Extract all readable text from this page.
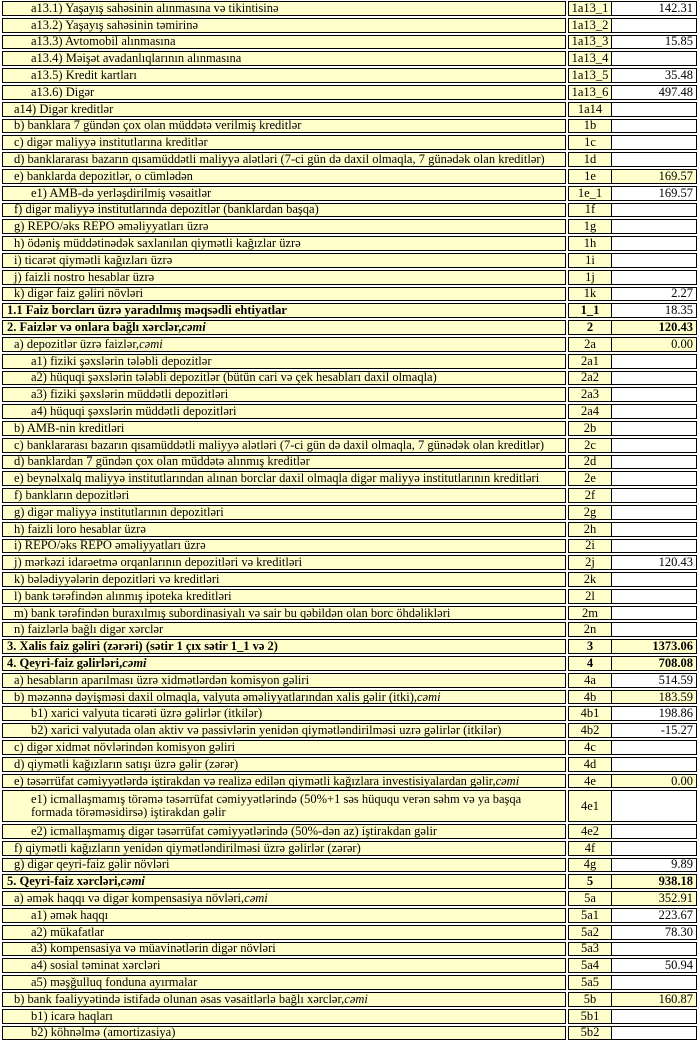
a13.1) Yaşayış sahəsinin alınmasına və tikintisinə	1a13_1	142.31
a13.2) Yaşayış sahəsinin təmirinə	1a13_2
a13.3) Avtomobil alınmasına	1a13_3	15.85
a13.4) Məişət avadanlıqlarının alınmasına	1a13_4
a13.5) Kredit kartları	1a13_5	35.48
a13.6) Digər	1a13_6	497.48
a14) Digər kreditlər	1a14
b) banklara 7 gündən çox olan müddətə verilmiş kreditlər	1b
c) digər maliyyə institutlarına kreditlər	1c
d) banklararası bazarın qısamüddətli maliyyə alətləri (7-ci gün də daxil olmaqla, 7 günədək olan kreditlər)	1d
e) banklarda depozitlər, o cümlədən	1e	169.57
e1) AMB-də yerləşdirilmiş vəsaitlər	1e_1	169.57
f) digər maliyyə institutlarında depozitlər (banklardan başqa)	1f
g) REPO/əks REPO əməliyyatları üzrə	1g
h) ödəniş müddətinədək saxlanılan qiymətli kağızlar üzrə	1h
i) ticarət qiymətli kağızları üzrə	1i
j) faizli nostro hesablar üzrə	1j
k) digər faiz gəliri növləri	1k	2.27
1.1 Faiz borcları üzrə yaradılmış məqsədli ehtiyatlar	1_1	18.35
2. Faizlər və onlara bağlı xərclər, cəmi	2	120.43
a) depozitlər üzrə faizlər, cəmi	2a	0.00
a1) fiziki şəxslərin tələbli depozitlər	2a1
a2) hüquqi şəxslərin tələbli depozitlər (bütün cari və çek hesabları daxil olmaqla)	2a2
a3) fiziki şəxslərin müddətli depozitləri	2a3
a4) hüquqi şəxslərin müddətli depozitləri	2a4
b) AMB-nin kreditləri	2b
c) banklararası bazarın qısamüddətli maliyyə alətləri (7-ci gün də daxil olmaqla, 7 günədək olan kreditlər)	2c
d) banklardan 7 gündən çox olan müddətə alınmış kreditlər	2d
e) beynəlxalq maliyyə institutlarından alınan borclar daxil olmaqla digər maliyyə institutlarının kreditləri	2e
f) bankların depozitləri	2f
g) digər maliyyə institutlarının depozitləri	2g
h) faizli loro hesablar üzrə	2h
i) REPO/əks REPO əməliyyatları üzrə	2i
j) mərkəzi idarəetmə orqanlarının depozitləri və kreditləri	2j	120.43
k) bələdiyyələrin depozitləri və kreditləri	2k
l) bank tərəfindən alınmış ipoteka kreditləri	2l
m) bank tərəfindən buraxılmış subordinasiyalı və sair bu qəbildən olan borc öhdəlikləri	2m
n) faizlərlə bağlı digər xərclər	2n
3. Xalis faiz gəliri (zərəri) (sətir 1 çıx sətir 1_1 və 2)	3	1373.06
4. Qeyri-faiz gəlirləri, cəmi	4	708.08
a) hesabların aparılması üzrə xidmətlərdən komisyon gəliri	4a	514.59
b) məzənnə dəyişməsi daxil olmaqla, valyuta əməliyyatlarından xalis gəlir (itki), cəmi	4b	183.59
b1) xarici valyuta ticarəti üzrə gəlirlər (itkilər)	4b1	198.86
b2) xarici valyutada olan aktiv və passivlərin yenidən qiymətləndirilməsi uzrə gəlirlər (itkilər)	4b2	-15.27
c) digər xidmət növlərindən komisyon gəliri	4c
d) qiymətli kağızların satışı üzrə gəlir (zərər)	4d
e) təsərrüfat cəmiyyətlərdə iştirakdan və realizə edilən qiymətli kağızlara investisiyalardan gəlir, cəmi	4e	0.00
e1) icmallaşmamış törəmə təsərrüfat cəmiyyətlərində (50%+1 səs hüququ verən səhm və ya başqa formada törəməsidirsə) iştirakdan gəlir	4e1
e2) icmallaşmamış digər təsərrüfat cəmiyyətlərində (50%-dən az) iştirakdan gəlir	4e2
f) qiymətli kağızların yenidən qiymətləndirilməsi üzrə gəlirlər (zərər)	4f
g) digər qeyri-faiz gəlir növləri	4g	9.89
5. Qeyri-faiz xərcləri, cəmi	5	938.18
a) əmək haqqı və digər kompensasiya növləri, cəmi	5a	352.91
a1) əmək haqqı	5a1	223.67
a2) mükafatlar	5a2	78.30
a3) kompensasiya və müavinətlərin digər növləri	5a3
a4) sosial təminat xərcləri	5a4	50.94
a5) məşğulluq fonduna ayırmalar	5a5
b) bank fəaliyyətində istifadə olunan əsas vəsaitlərlə bağlı xərclər, cəmi	5b	160.87
b1) icarə haqları	5b1
b2) köhnəlmə (amortizasiya)	5b2
